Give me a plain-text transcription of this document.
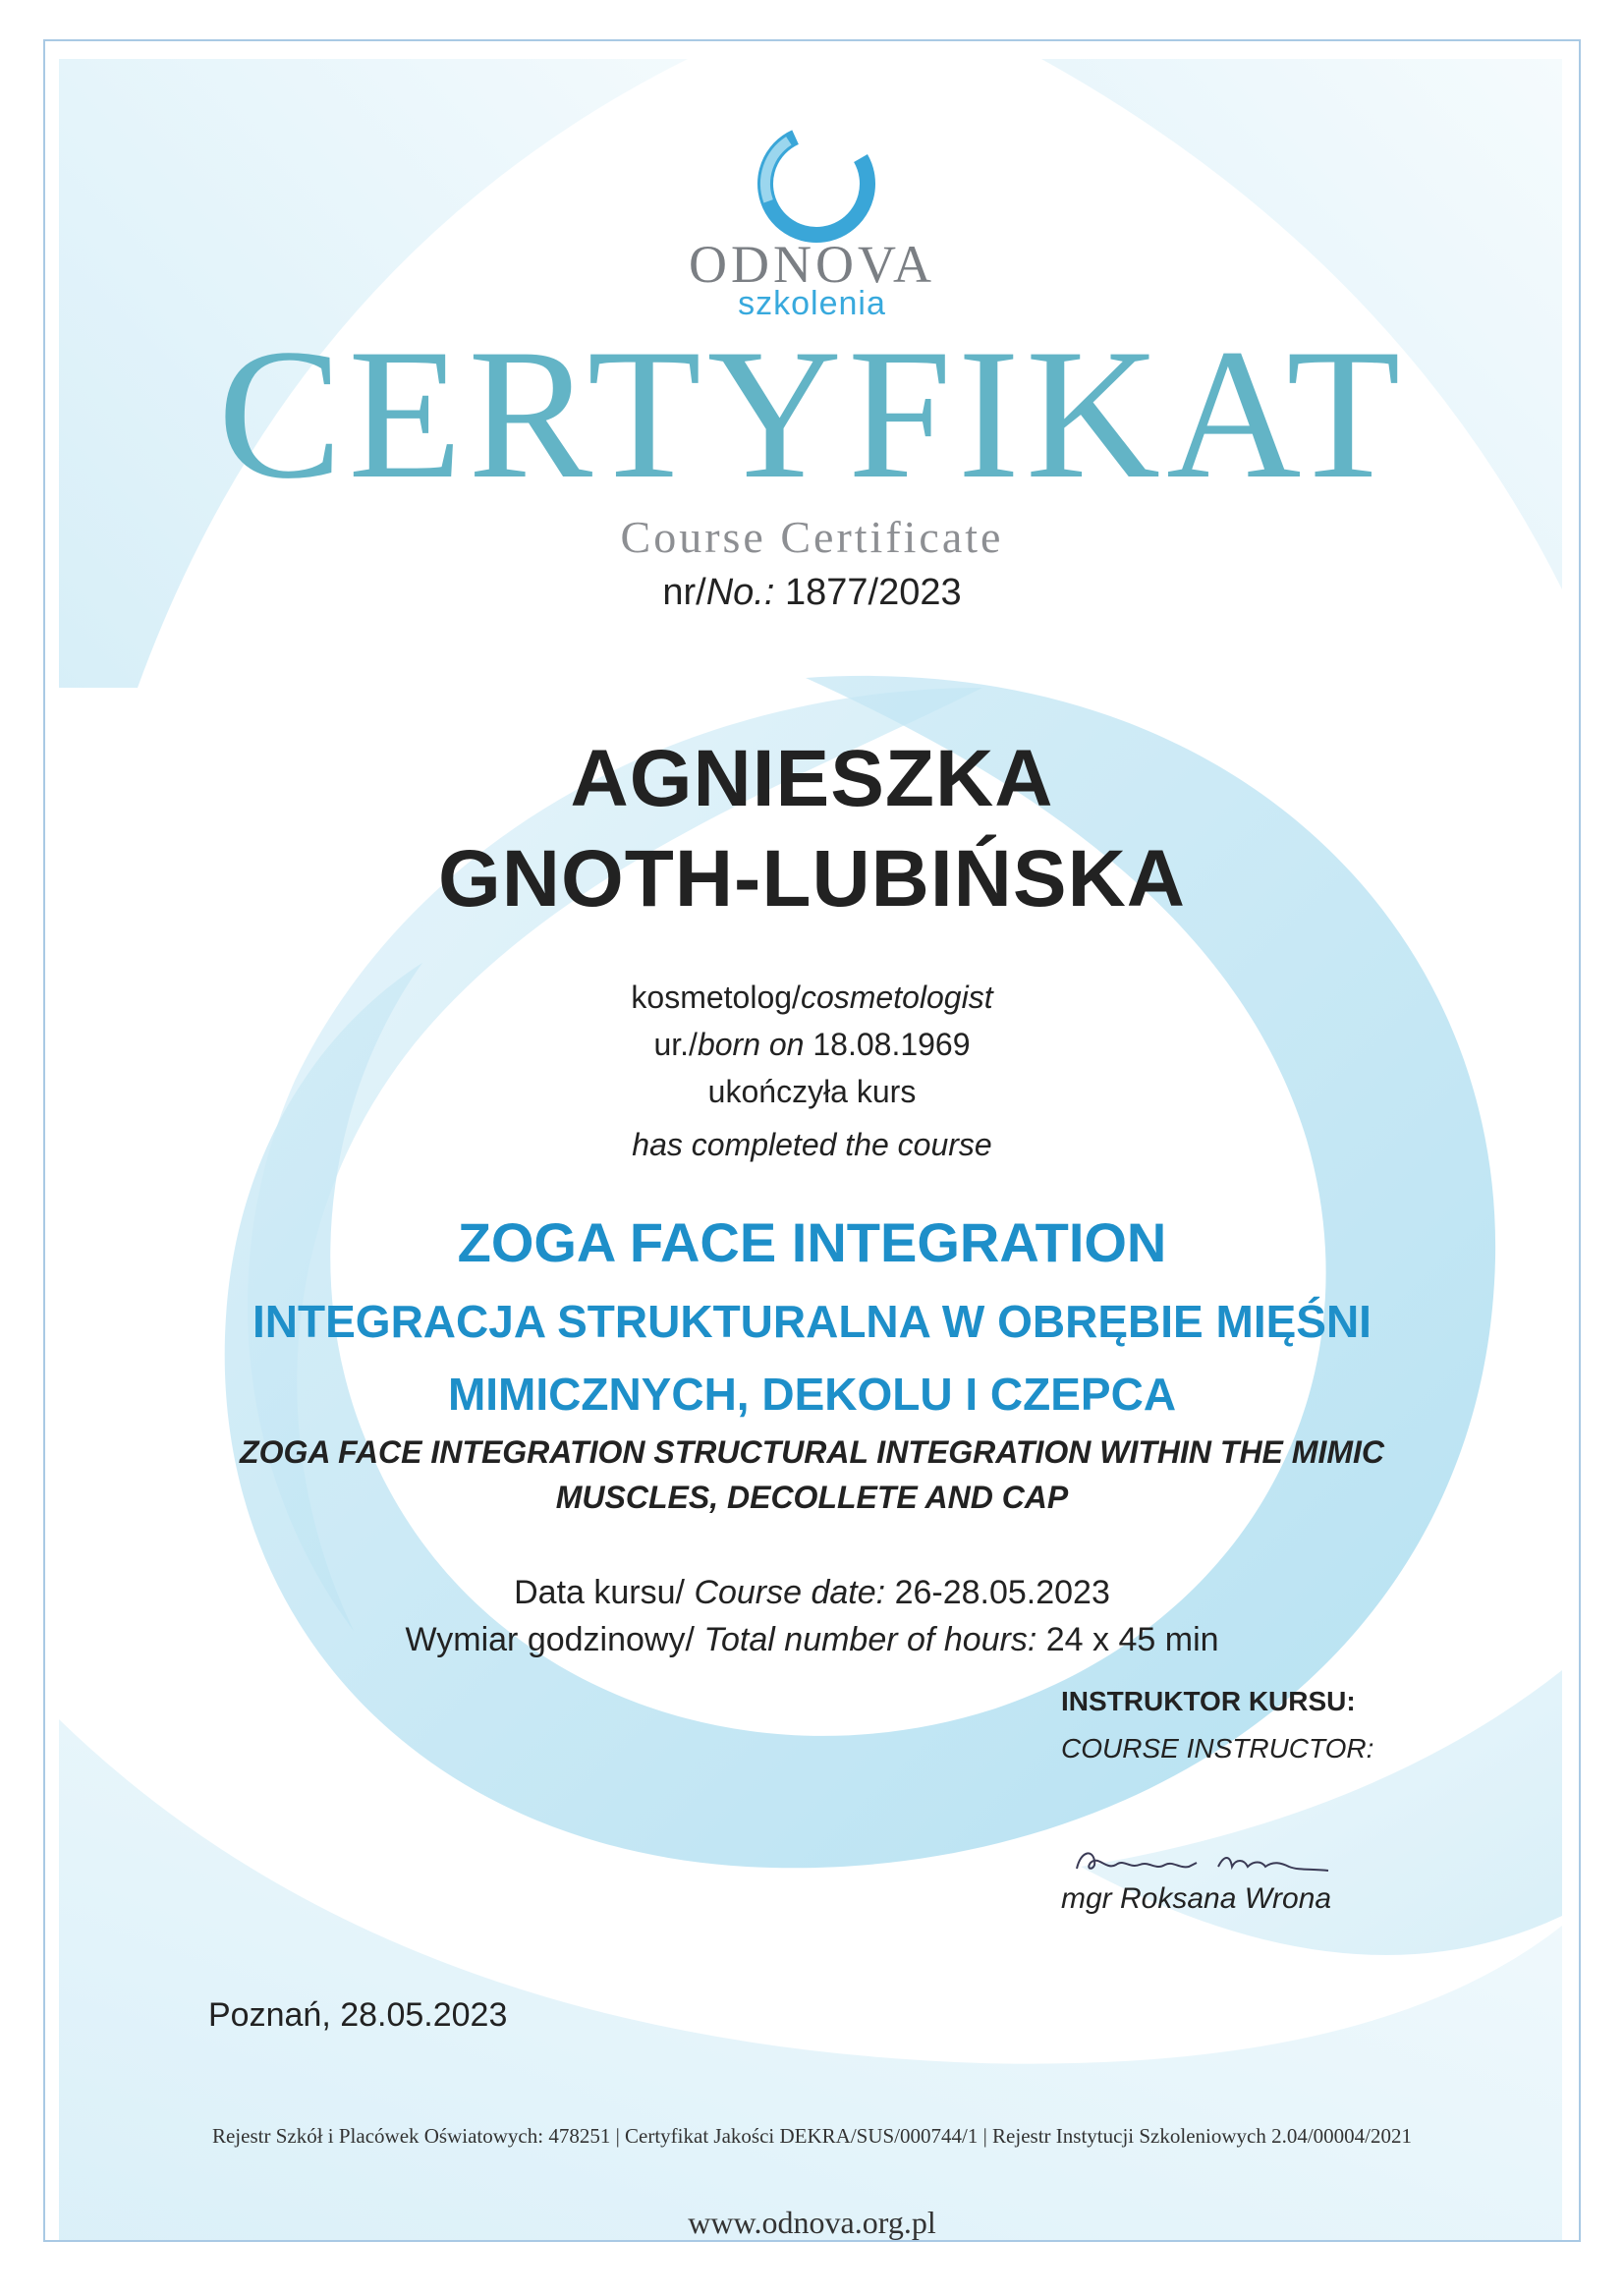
ODNOVA
szkolenia
CERTYFIKAT
Course Certificate
nr/No.: 1877/2023
AGNIESZKA
GNOTH-LUBIŃSKA
kosmetolog/cosmetologist
ur./born on 18.08.1969
ukończyła kurs
has completed the course
ZOGA FACE INTEGRATION
INTEGRACJA STRUKTURALNA W OBRĘBIE MIĘŚNI
MIMICZNYCH, DEKOLU I CZEPCA
ZOGA FACE INTEGRATION STRUCTURAL INTEGRATION WITHIN THE MIMIC
MUSCLES, DECOLLETE AND CAP
Data kursu/ Course date: 26-28.05.2023
Wymiar godzinowy/ Total number of hours: 24 x 45 min
INSTRUKTOR KURSU:
COURSE INSTRUCTOR:
mgr Roksana Wrona
Poznań, 28.05.2023
Rejestr Szkół i Placówek Oświatowych: 478251 | Certyfikat Jakości DEKRA/SUS/000744/1 | Rejestr Instytucji Szkoleniowych 2.04/00004/2021
www.odnova.org.pl
